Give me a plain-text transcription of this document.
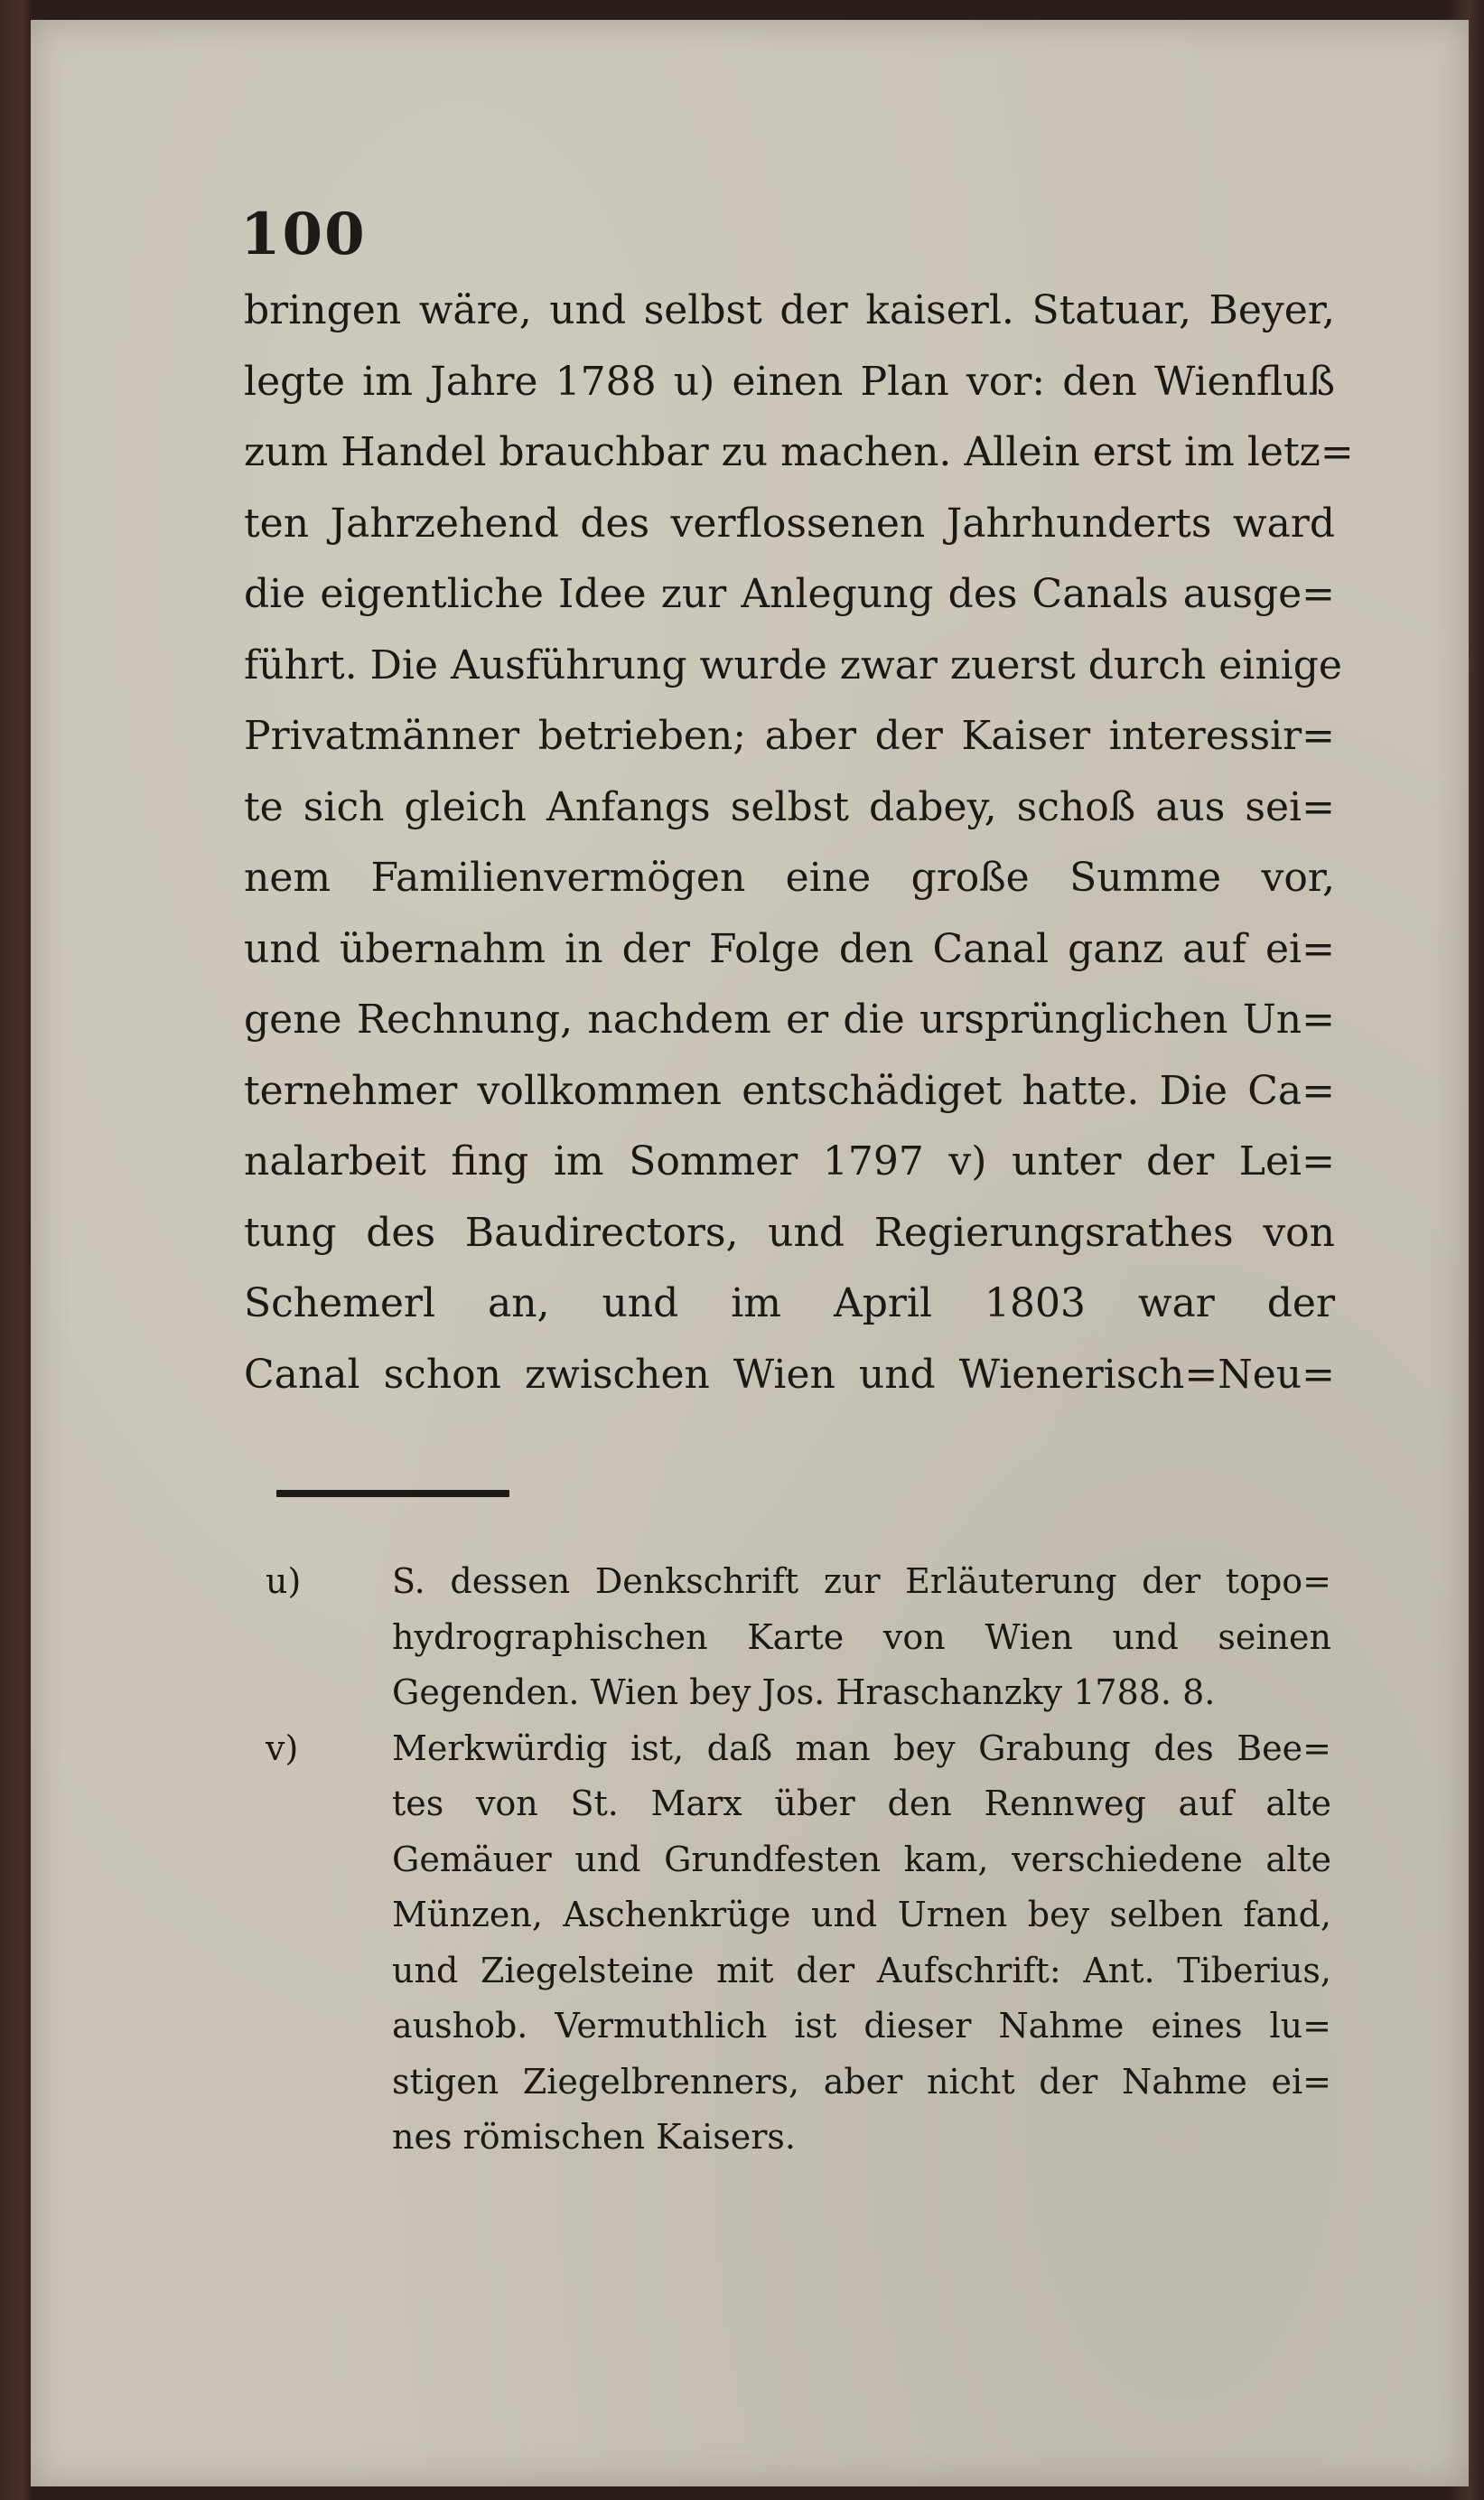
100
bringen wäre, und selbst der kaiserl. Statuar, Beyer,
legte im Jahre 1788 u) einen Plan vor: den Wienfluß
zum Handel brauchbar zu machen. Allein erst im letz=
ten Jahrzehend des verflossenen Jahrhunderts ward
die eigentliche Idee zur Anlegung des Canals ausge=
führt. Die Ausführung wurde zwar zuerst durch einige
Privatmänner betrieben; aber der Kaiser interessir=
te sich gleich Anfangs selbst dabey, schoß aus sei=
nem Familienvermögen eine große Summe vor,
und übernahm in der Folge den Canal ganz auf ei=
gene Rechnung, nachdem er die ursprünglichen Un=
ternehmer vollkommen entschädiget hatte. Die Ca=
nalarbeit fing im Sommer 1797 v) unter der Lei=
tung des Baudirectors, und Regierungsrathes von
Schemerl an, und im April 1803 war der
Canal schon zwischen Wien und Wienerisch=Neu=
u)	S. dessen Denkschrift zur Erläuterung der topo=
hydrographischen Karte von Wien und seinen
Gegenden. Wien bey Jos. Hraschanzky 1788. 8.
v)	Merkwürdig ist, daß man bey Grabung des Bee=
tes von St. Marx über den Rennweg auf alte
Gemäuer und Grundfesten kam, verschiedene alte
Münzen, Aschenkrüge und Urnen bey selben fand,
und Ziegelsteine mit der Aufschrift: Ant. Tiberius,
aushob. Vermuthlich ist dieser Nahme eines lu=
stigen Ziegelbrenners, aber nicht der Nahme ei=
nes römischen Kaisers.
